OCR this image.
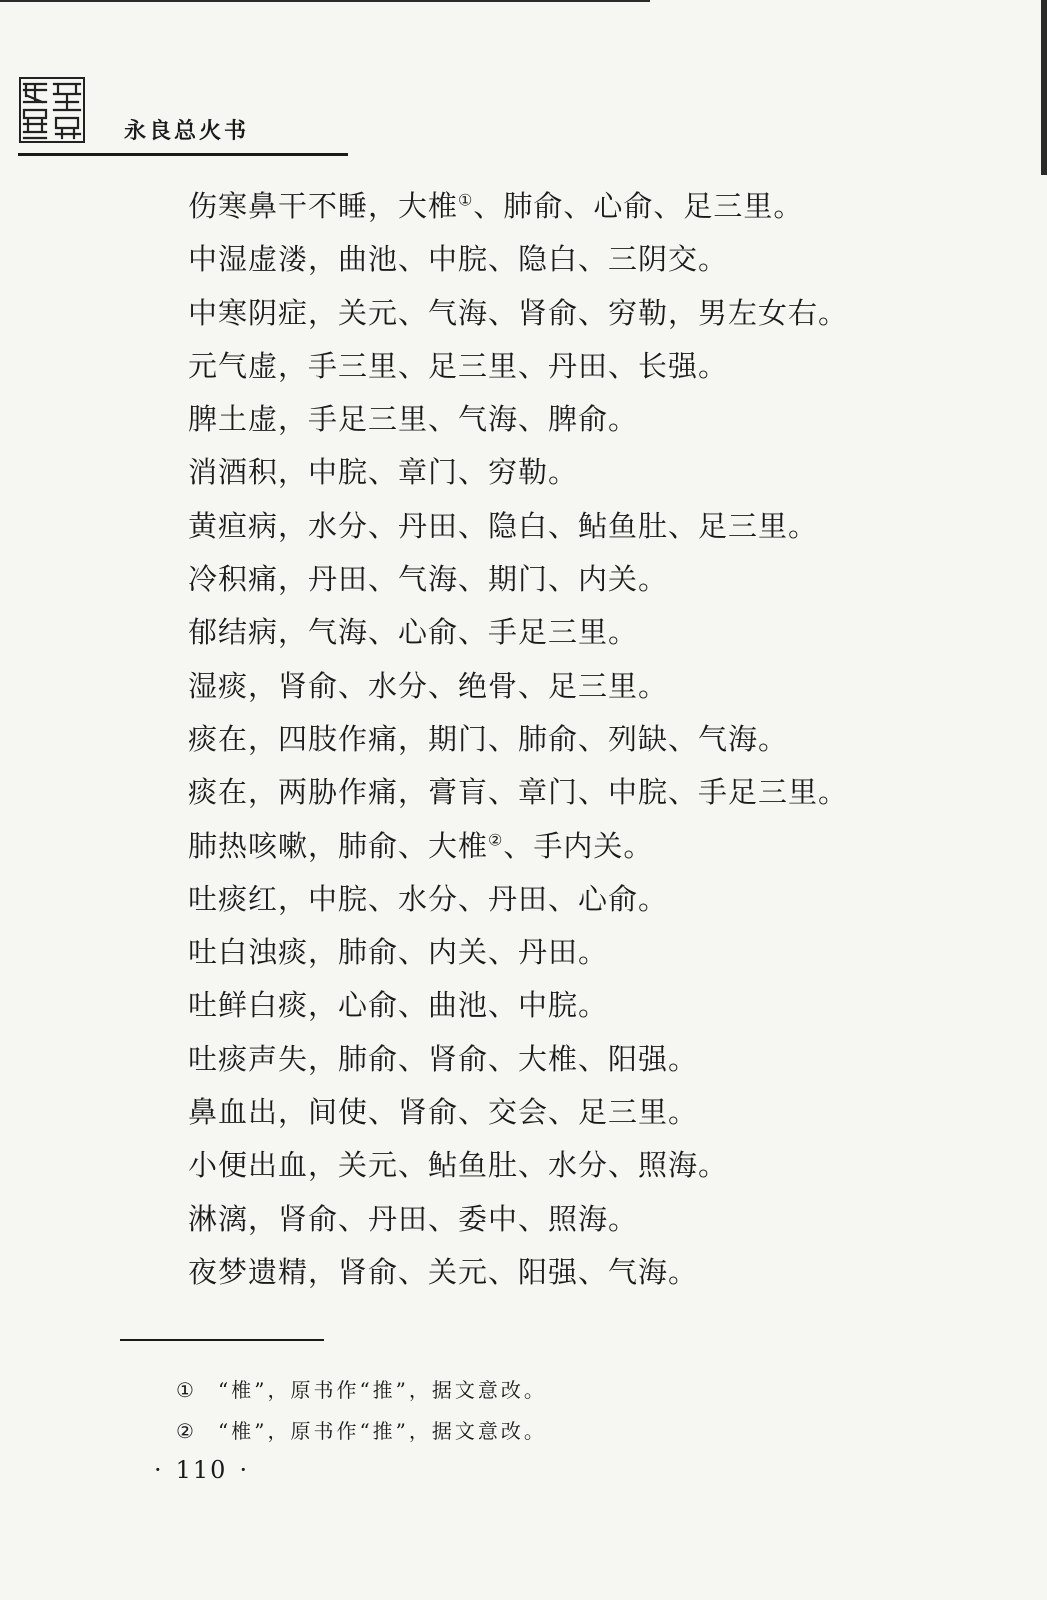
永良总火书
伤寒鼻干不睡，大椎①、肺俞、心俞、足三里。
中湿虚溇，曲池、中脘、隐白、三阴交。
中寒阴症，关元、气海、肾俞、穷勒，男左女右。
元气虚，手三里、足三里、丹田、长强。
脾土虚，手足三里、气海、脾俞。
消酒积，中脘、章门、穷勒。
黄疸病，水分、丹田、隐白、鲇鱼肚、足三里。
冷积痛，丹田、气海、期门、内关。
郁结病，气海、心俞、手足三里。
湿痰，肾俞、水分、绝骨、足三里。
痰在，四肢作痛，期门、肺俞、列缺、气海。
痰在，两胁作痛，膏肓、章门、中脘、手足三里。
肺热咳嗽，肺俞、大椎②、手内关。
吐痰红，中脘、水分、丹田、心俞。
吐白浊痰，肺俞、内关、丹田。
吐鲜白痰，心俞、曲池、中脘。
吐痰声失，肺俞、肾俞、大椎、阳强。
鼻血出，间使、肾俞、交会、足三里。
小便出血，关元、鲇鱼肚、水分、照海。
淋漓，肾俞、丹田、委中、照海。
夜梦遗精，肾俞、关元、阳强、气海。
① “椎”，原书作“推”，据文意改。
② “椎”，原书作“推”，据文意改。
· 110 ·
